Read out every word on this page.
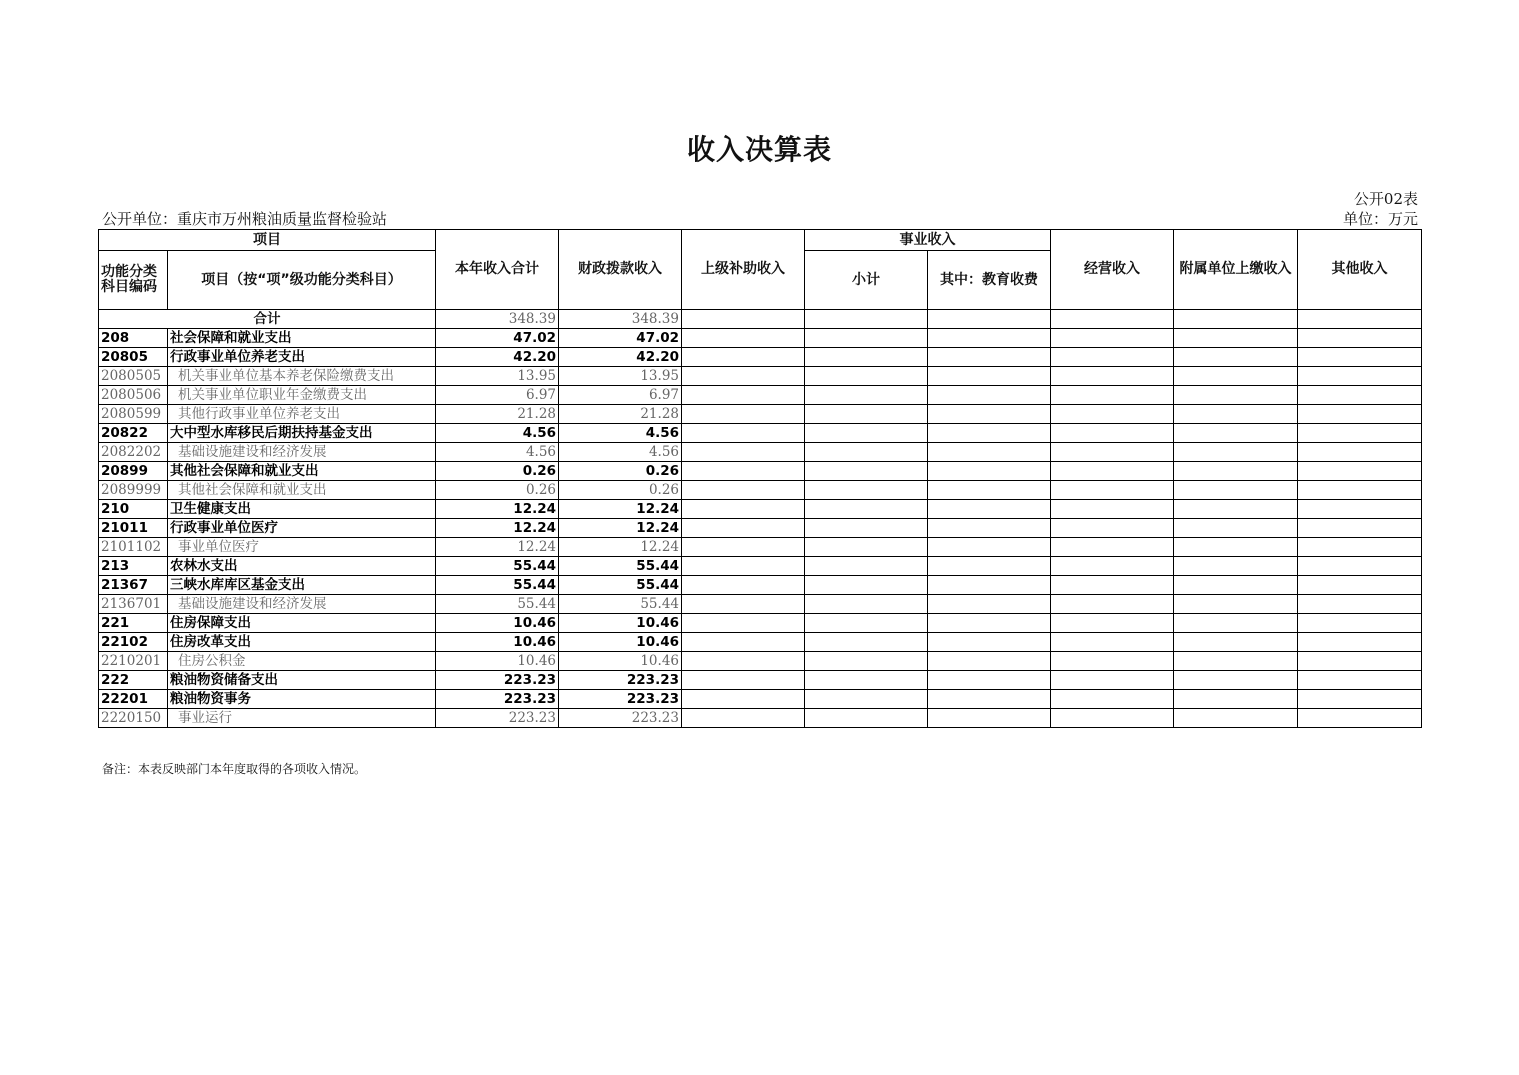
收入决算表
公开02表
公开单位：重庆市万州粮油质量监督检验站	单位：万元
项目		本年收入合计	财政拨款收入	上级补助收入	事业收入		经营收入	附属单位上缴收入	其他收入
功能分类科目编码	项目（按“项”级功能分类科目）				小计	其中：教育收费			
合计		348.39	348.39						
208	社会保障和就业支出	47.02	47.02						
20805	行政事业单位养老支出	42.20	42.20						
2080505	机关事业单位基本养老保险缴费支出	13.95	13.95						
2080506	机关事业单位职业年金缴费支出	6.97	6.97						
2080599	其他行政事业单位养老支出	21.28	21.28						
20822	大中型水库移民后期扶持基金支出	4.56	4.56						
2082202	基础设施建设和经济发展	4.56	4.56						
20899	其他社会保障和就业支出	0.26	0.26						
2089999	其他社会保障和就业支出	0.26	0.26						
210	卫生健康支出	12.24	12.24						
21011	行政事业单位医疗	12.24	12.24						
2101102	事业单位医疗	12.24	12.24						
213	农林水支出	55.44	55.44						
21367	三峡水库库区基金支出	55.44	55.44						
2136701	基础设施建设和经济发展	55.44	55.44						
221	住房保障支出	10.46	10.46						
22102	住房改革支出	10.46	10.46						
2210201	住房公积金	10.46	10.46						
222	粮油物资储备支出	223.23	223.23						
22201	粮油物资事务	223.23	223.23						
2220150	事业运行	223.23	223.23						
备注：本表反映部门本年度取得的各项收入情况。
